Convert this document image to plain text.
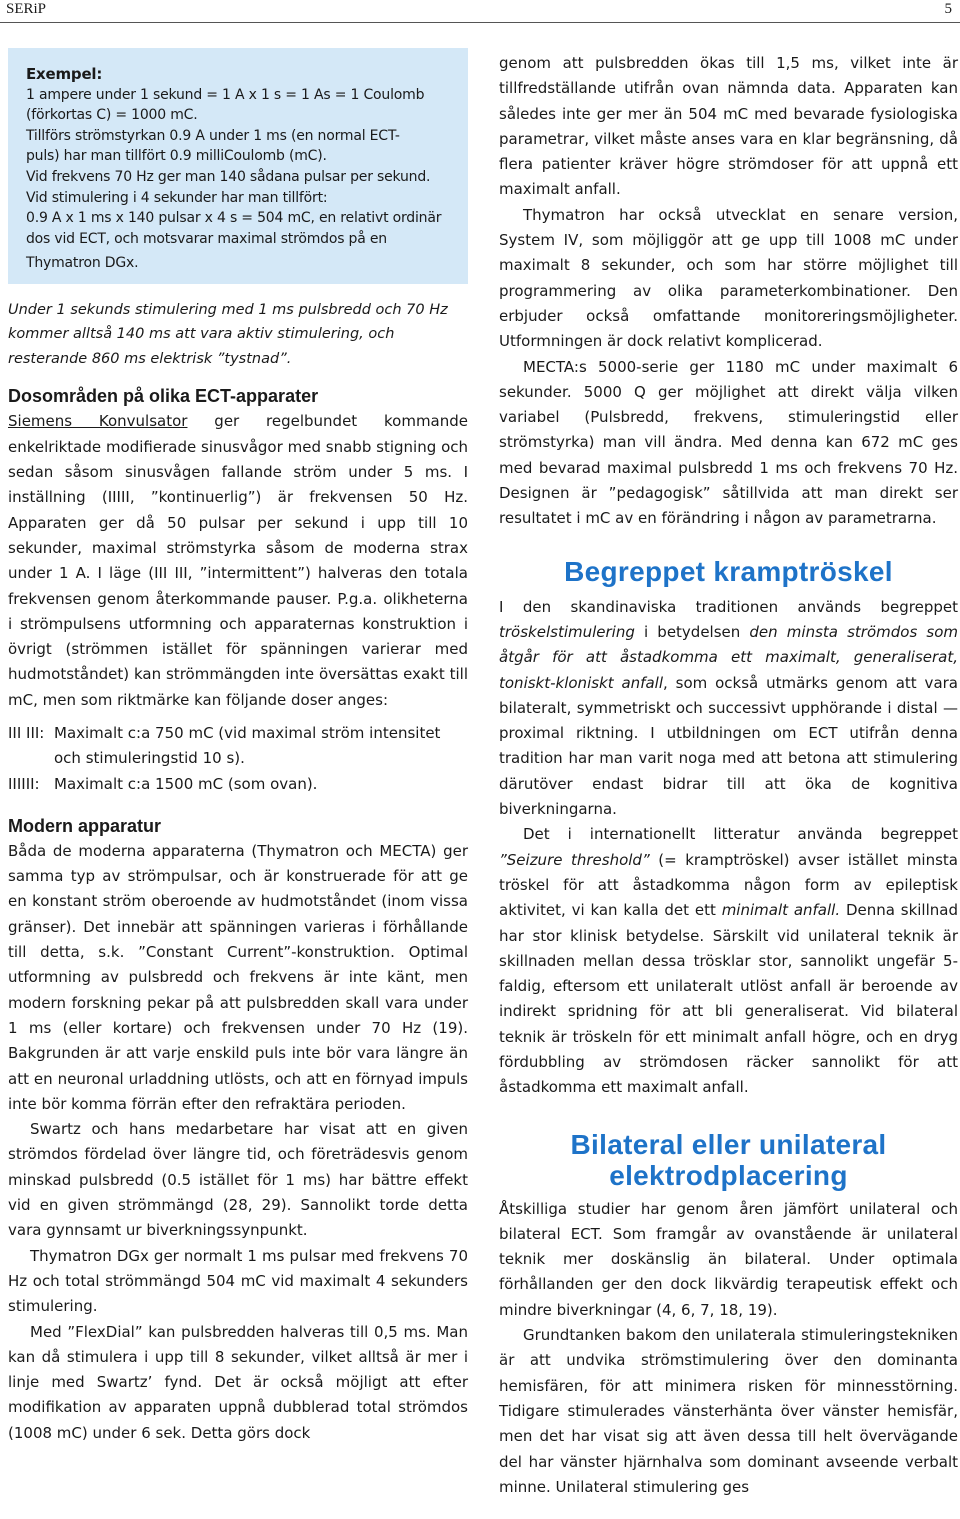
SERiP	5
Exempel:
1 ampere under 1 sekund = 1 A x 1 s = 1 As = 1 Coulomb
(förkortas C) = 1000 mC.
Tillförs strömstyrkan 0.9 A under 1 ms (en normal ECT-
puls) har man tillfört 0.9 milliCoulomb (mC).
Vid frekvens 70 Hz ger man 140 sådana pulsar per sekund.
Vid stimulering i 4 sekunder har man tillfört:
0.9 A x 1 ms x 140 pulsar x 4 s = 504 mC, en relativt ordinär
dos vid ECT, och motsvarar maximal strömdos på en
Thymatron DGx.

Under 1 sekunds stimulering med 1 ms pulsbredd och 70 Hz kommer alltså 140 ms att vara aktiv stimulering, och resterande 860 ms elektrisk ”tystnad”.

Dosområden på olika ECT-apparater

Siemens Konvulsator ger regelbundet kommande enkelriktade modifierade sinusvågor med snabb stigning och sedan såsom sinusvågen fallande ström under 5 ms. I inställning (IIIII, ”kontinuerlig”) är frekvensen 50 Hz. Apparaten ger då 50 pulsar per sekund i upp till 10 sekunder, maximal strömstyrka såsom de moderna strax under 1 A. I läge (III III, ”intermittent”) halveras den totala frekvensen genom återkommande pauser. P.g.a. olikheterna i strömpulsens utformning och apparaternas konstruktion i övrigt (strömmen istället för spänningen varierar med hudmotståndet) kan strömmängden inte översättas exakt till mC, men som riktmärke kan följande doser anges:

III III: Maximalt c:a 750 mC (vid maximal ström intensitet och stimuleringstid 10 s).
IIIIII: Maximalt c:a 1500 mC (som ovan).
Modern apparatur

Båda de moderna apparaterna (Thymatron och MECTA) ger samma typ av strömpulsar, och är konstruerade för att ge en konstant ström oberoende av hudmotståndet (inom vissa gränser). Det innebär att spänningen varieras i förhållande till detta, s.k. ”Constant Current”-konstruktion. Optimal utformning av pulsbredd och frekvens är inte känt, men modern forskning pekar på att pulsbredden skall vara under 1 ms (eller kortare) och frekvensen under 70 Hz (19). Bakgrunden är att varje enskild puls inte bör vara längre än att en neuronal urladdning utlösts, och att en förnyad impuls inte bör komma förrän efter den refraktära perioden.

Swartz och hans medarbetare har visat att en given strömdos fördelad över längre tid, och företrädesvis genom minskad pulsbredd (0.5 istället för 1 ms) har bättre effekt vid en given strömmängd (28, 29). Sannolikt torde detta vara gynnsamt ur biverkningssynpunkt.

Thymatron DGx ger normalt 1 ms pulsar med frekvens 70 Hz och total strömmängd 504 mC vid maximalt 4 sekunders stimulering.

Med ”FlexDial” kan pulsbredden halveras till 0,5 ms. Man kan då stimulera i upp till 8 sekunder, vilket alltså är mer i linje med Swartz’ fynd. Det är också möjligt att efter modifikation av apparaten uppnå dubblerad total strömdos (1008 mC) under 6 sek. Detta görs dock

genom att pulsbredden ökas till 1,5 ms, vilket inte är tillfredställande utifrån ovan nämnda data. Apparaten kan således inte ger mer än 504 mC med bevarade fysiologiska parametrar, vilket måste anses vara en klar begränsning, då flera patienter kräver högre strömdoser för att uppnå ett maximalt anfall.

Thymatron har också utvecklat en senare version, System IV, som möjliggör att ge upp till 1008 mC under maximalt 8 sekunder, och som har större möjlighet till programmering av olika parameterkombinationer. Den erbjuder också omfattande monitoreringsmöjligheter. Utformningen är dock relativt komplicerad.

MECTA:s 5000-serie ger 1180 mC under maximalt 6 sekunder. 5000 Q ger möjlighet att direkt välja vilken variabel (Pulsbredd, frekvens, stimuleringstid eller strömstyrka) man vill ändra. Med denna kan 672 mC ges med bevarad maximal pulsbredd 1 ms och frekvens 70 Hz. Designen är ”pedagogisk” såtillvida att man direkt ser resultatet i mC av en förändring i någon av parametrarna.

Begreppet kramptröskel

I den skandinaviska traditionen används begreppet tröskelstimulering i betydelsen den minsta strömdos som åtgår för att åstadkomma ett maximalt, generaliserat, toniskt-kloniskt anfall, som också utmärks genom att vara bilateralt, symmetriskt och successivt upphörande i distal — proximal riktning. I utbildningen om ECT utifrån denna tradition har man varit noga med att betona att stimulering därutöver endast bidrar till att öka de kognitiva biverkningarna.

Det i internationellt litteratur använda begreppet ”Seizure threshold” (= kramptröskel) avser istället minsta tröskel för att åstadkomma någon form av epileptisk aktivitet, vi kan kalla det ett minimalt anfall. Denna skillnad har stor klinisk betydelse. Särskilt vid unilateral teknik är skillnaden mellan dessa trösklar stor, sannolikt ungefär 5-faldig, eftersom ett unilateralt utlöst anfall är beroende av indirekt spridning för att bli generaliserat. Vid bilateral teknik är tröskeln för ett minimalt anfall högre, och en dryg fördubbling av strömdosen räcker sannolikt för att åstadkomma ett maximalt anfall.

Bilateral eller unilateral
elektrodplacering

Åtskilliga studier har genom åren jämfört unilateral och bilateral ECT. Som framgår av ovanstående är unilateral teknik mer doskänslig än bilateral. Under optimala förhållanden ger den dock likvärdig terapeutisk effekt och mindre biverkningar (4, 6, 7, 18, 19).

Grundtanken bakom den unilaterala stimuleringstekniken är att undvika strömstimulering över den dominanta hemisfären, för att minimera risken för minnesstörning. Tidigare stimulerades vänsterhänta över vänster hemisfär, men det har visat sig att även dessa till helt övervägande del har vänster hjärnhalva som dominant avseende verbalt minne. Unilateral stimulering ges
